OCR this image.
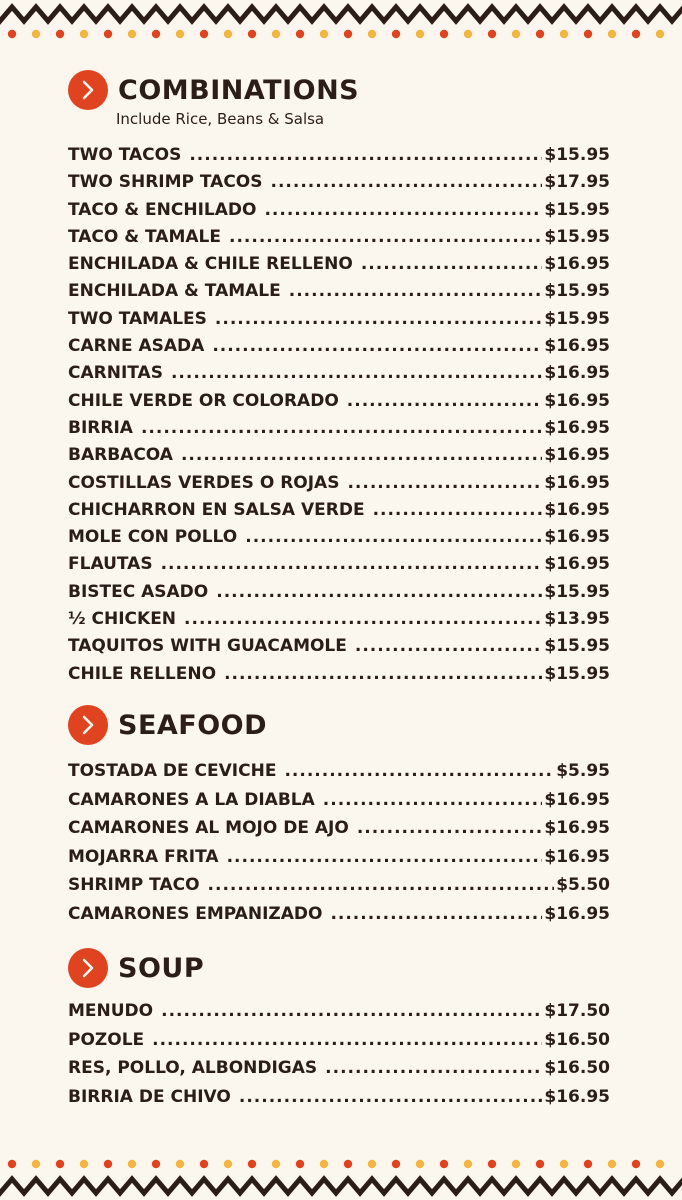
COMBINATIONS
Include Rice, Beans & Salsa
TWO TACOS .....	$15.95
TWO SHRIMP TACOS .....	$17.95
TACO & ENCHILADO .....	$15.95
TACO & TAMALE .....	$15.95
ENCHILADA & CHILE RELLENO .....	$16.95
ENCHILADA & TAMALE .....	$15.95
TWO TAMALES .....	$15.95
CARNE ASADA .....	$16.95
CARNITAS .....	$16.95
CHILE VERDE OR COLORADO .....	$16.95
BIRRIA .....	$16.95
BARBACOA .....	$16.95
COSTILLAS VERDES O ROJAS .....	$16.95
CHICHARRON EN SALSA VERDE .....	$16.95
MOLE CON POLLO .....	$16.95
FLAUTAS .....	$16.95
BISTEC ASADO .....	$15.95
½ CHICKEN .....	$13.95
TAQUITOS WITH GUACAMOLE .....	$15.95
CHILE RELLENO .....	$15.95
SEAFOOD
TOSTADA DE CEVICHE .....	$5.95
CAMARONES A LA DIABLA .....	$16.95
CAMARONES AL MOJO DE AJO .....	$16.95
MOJARRA FRITA .....	$16.95
SHRIMP TACO .....	$5.50
CAMARONES EMPANIZADO .....	$16.95
SOUP
MENUDO .....	$17.50
POZOLE .....	$16.50
RES, POLLO, ALBONDIGAS .....	$16.50
BIRRIA DE CHIVO .....	$16.95
